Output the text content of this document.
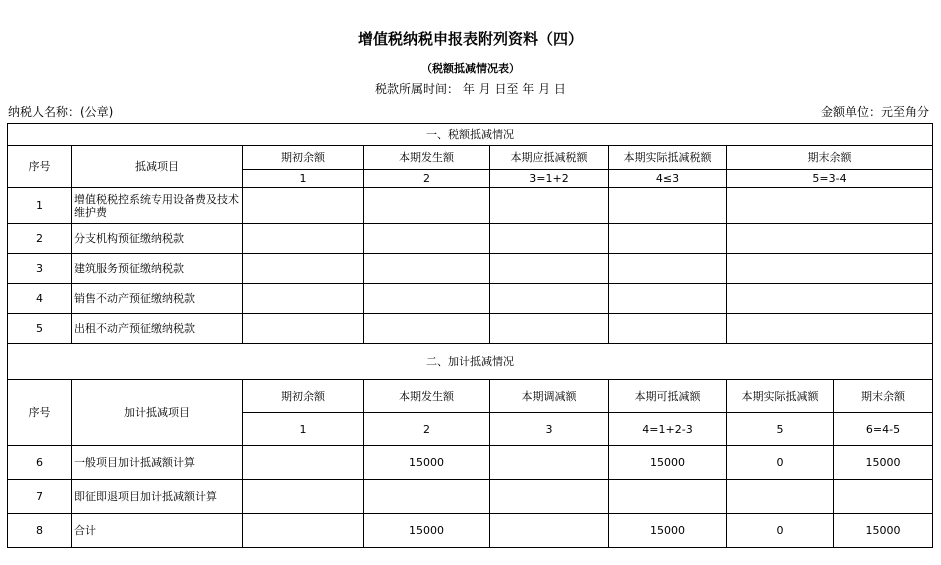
增值税纳税申报表附列资料（四）
（税额抵减情况表）
税款所属时间： 年 月 日至 年 月 日
纳税人名称：(公章)	金额单位：元至角分
一、税额抵减情况							
序号	抵减项目	期初余额	本期发生额	本期应抵减税额	本期实际抵减税额	期末余额	
		1	2	3=1+2	4≤3	5=3-4	
1	增值税税控系统专用设备费及技术维护费						
2	分支机构预征缴纳税款						
3	建筑服务预征缴纳税款						
4	销售不动产预征缴纳税款						
5	出租不动产预征缴纳税款						
二、加计抵减情况							
序号	加计抵减项目	期初余额	本期发生额	本期调减额	本期可抵减额	本期实际抵减额	期末余额
		1	2	3	4=1+2-3	5	6=4-5
6	一般项目加计抵减额计算		15000		15000	0	15000
7	即征即退项目加计抵减额计算						
8	合计		15000		15000	0	15000
